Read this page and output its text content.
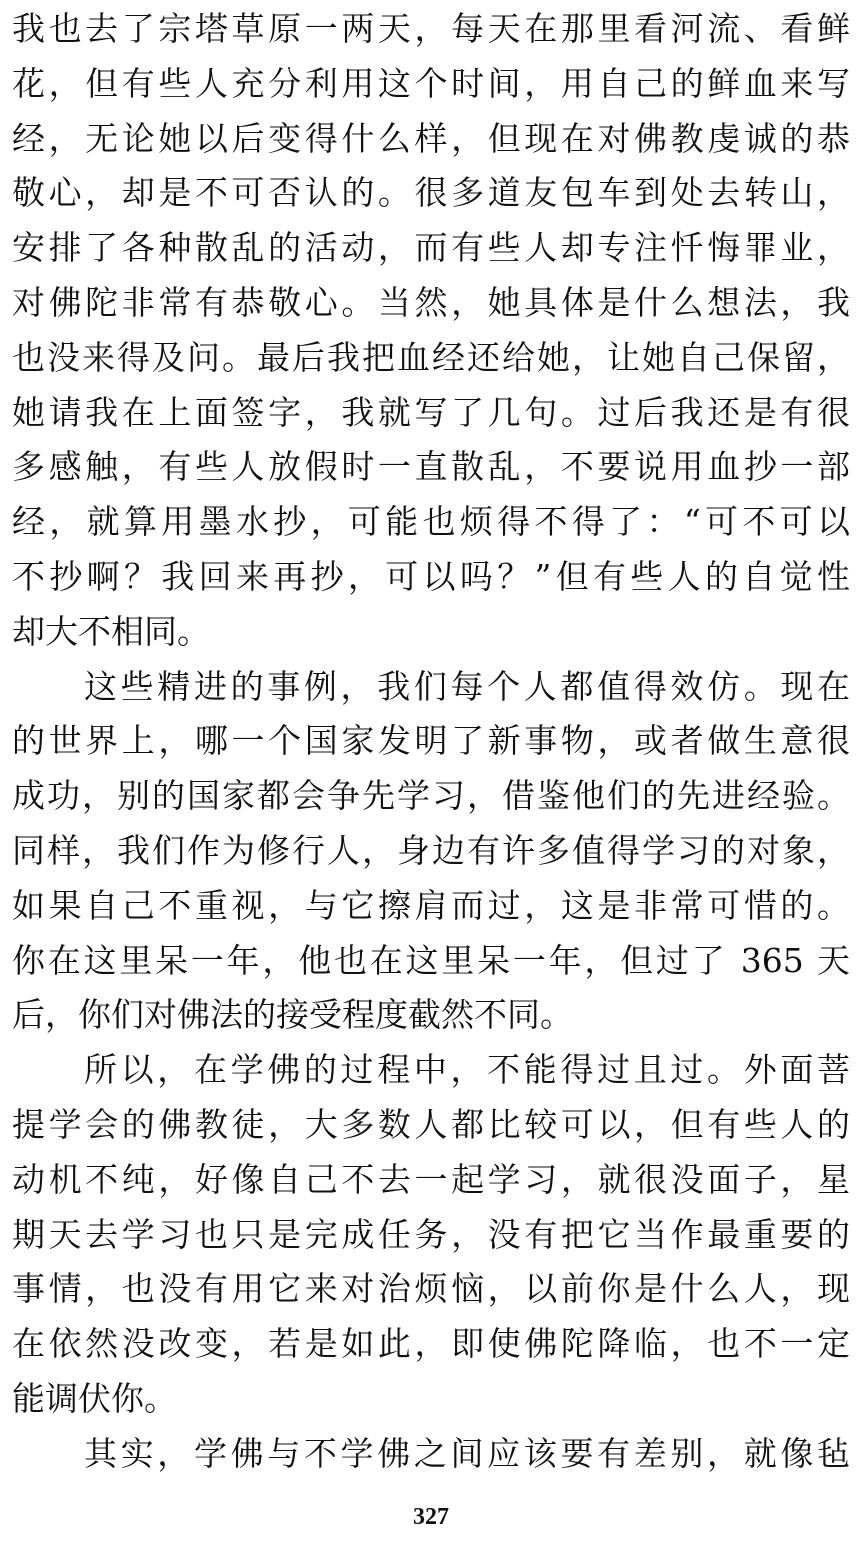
我也去了宗塔草原一两天，每天在那里看河流、看鲜
花，但有些人充分利用这个时间，用自己的鲜血来写
经，无论她以后变得什么样，但现在对佛教虔诚的恭
敬心，却是不可否认的。很多道友包车到处去转山，
安排了各种散乱的活动，而有些人却专注忏悔罪业，
对佛陀非常有恭敬心。当然，她具体是什么想法，我
也没来得及问。最后我把血经还给她，让她自己保留，
她请我在上面签字，我就写了几句。过后我还是有很
多感触，有些人放假时一直散乱，不要说用血抄一部
经，就算用墨水抄，可能也烦得不得了：“可不可以
不抄啊？我回来再抄，可以吗？”但有些人的自觉性
却大不相同。
这些精进的事例，我们每个人都值得效仿。现在
的世界上，哪一个国家发明了新事物，或者做生意很
成功，别的国家都会争先学习，借鉴他们的先进经验。
同样，我们作为修行人，身边有许多值得学习的对象，
如果自己不重视，与它擦肩而过，这是非常可惜的。
你在这里呆一年，他也在这里呆一年，但过了 365 天
后，你们对佛法的接受程度截然不同。
所以，在学佛的过程中，不能得过且过。外面菩
提学会的佛教徒，大多数人都比较可以，但有些人的
动机不纯，好像自己不去一起学习，就很没面子，星
期天去学习也只是完成任务，没有把它当作最重要的
事情，也没有用它来对治烦恼，以前你是什么人，现
在依然没改变，若是如此，即使佛陀降临，也不一定
能调伏你。
其实，学佛与不学佛之间应该要有差别，就像毡
327
